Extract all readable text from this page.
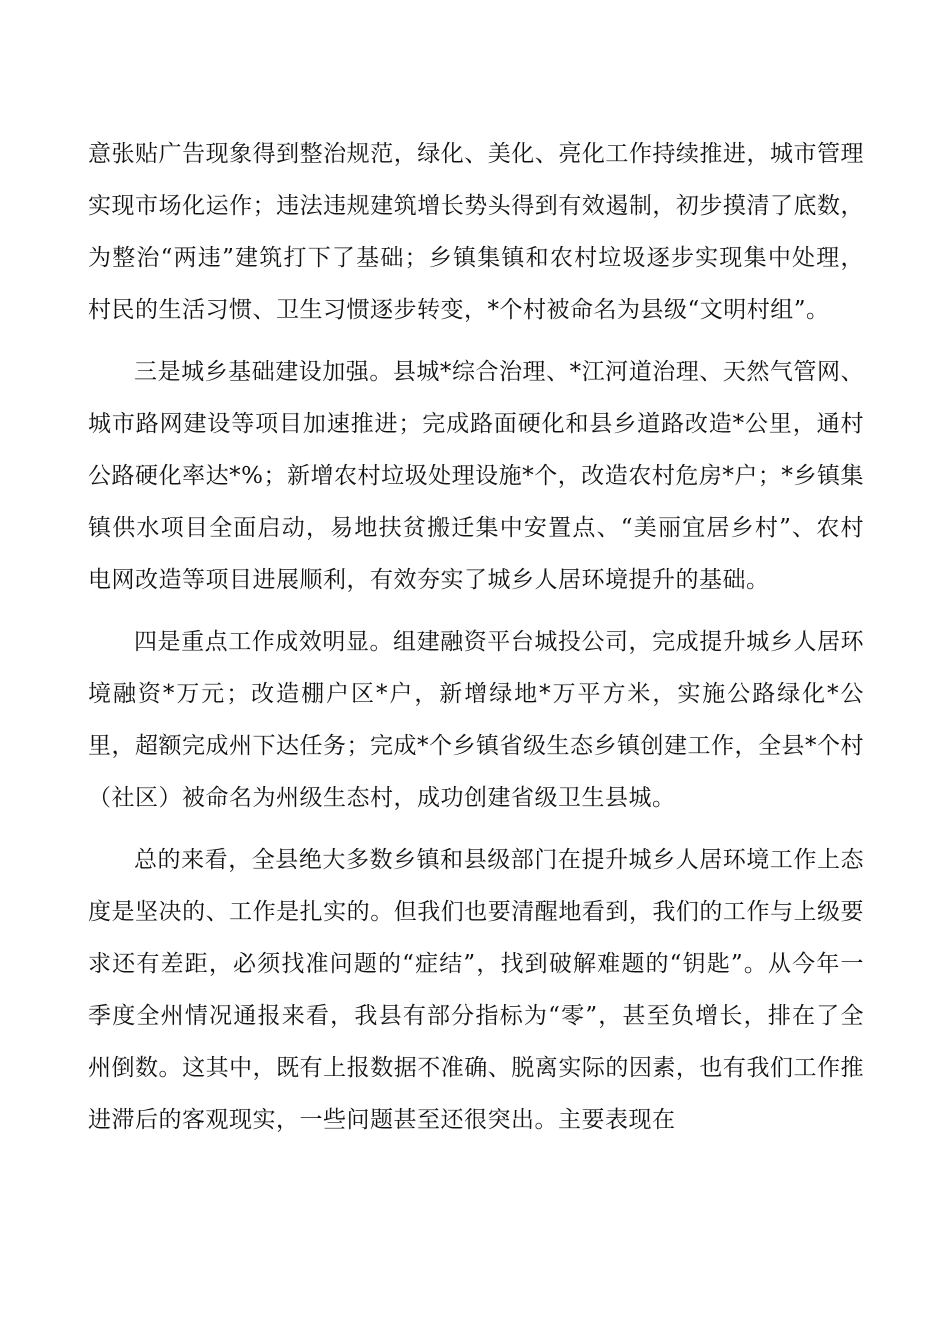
意张贴广告现象得到整治规范，绿化、美化、亮化工作持续推进，城市管理实现市场化运作；违法违规建筑增长势头得到有效遏制，初步摸清了底数，为整治“两违”建筑打下了基础；乡镇集镇和农村垃圾逐步实现集中处理，村民的生活习惯、卫生习惯逐步转变，*个村被命名为县级“文明村组”。

三是城乡基础建设加强。县城*综合治理、*江河道治理、天然气管网、城市路网建设等项目加速推进；完成路面硬化和县乡道路改造*公里，通村公路硬化率达*%；新增农村垃圾处理设施*个，改造农村危房*户；*乡镇集镇供水项目全面启动，易地扶贫搬迁集中安置点、“美丽宜居乡村”、农村电网改造等项目进展顺利，有效夯实了城乡人居环境提升的基础。

四是重点工作成效明显。组建融资平台城投公司，完成提升城乡人居环境融资*万元；改造棚户区*户，新增绿地*万平方米，实施公路绿化*公里，超额完成州下达任务；完成*个乡镇省级生态乡镇创建工作，全县*个村（社区）被命名为州级生态村，成功创建省级卫生县城。

总的来看，全县绝大多数乡镇和县级部门在提升城乡人居环境工作上态度是坚决的、工作是扎实的。但我们也要清醒地看到，我们的工作与上级要求还有差距，必须找准问题的“症结”，找到破解难题的“钥匙”。从今年一季度全州情况通报来看，我县有部分指标为“零”，甚至负增长，排在了全州倒数。这其中，既有上报数据不准确、脱离实际的因素，也有我们工作推进滞后的客观现实，一些问题甚至还很突出。主要表现在
